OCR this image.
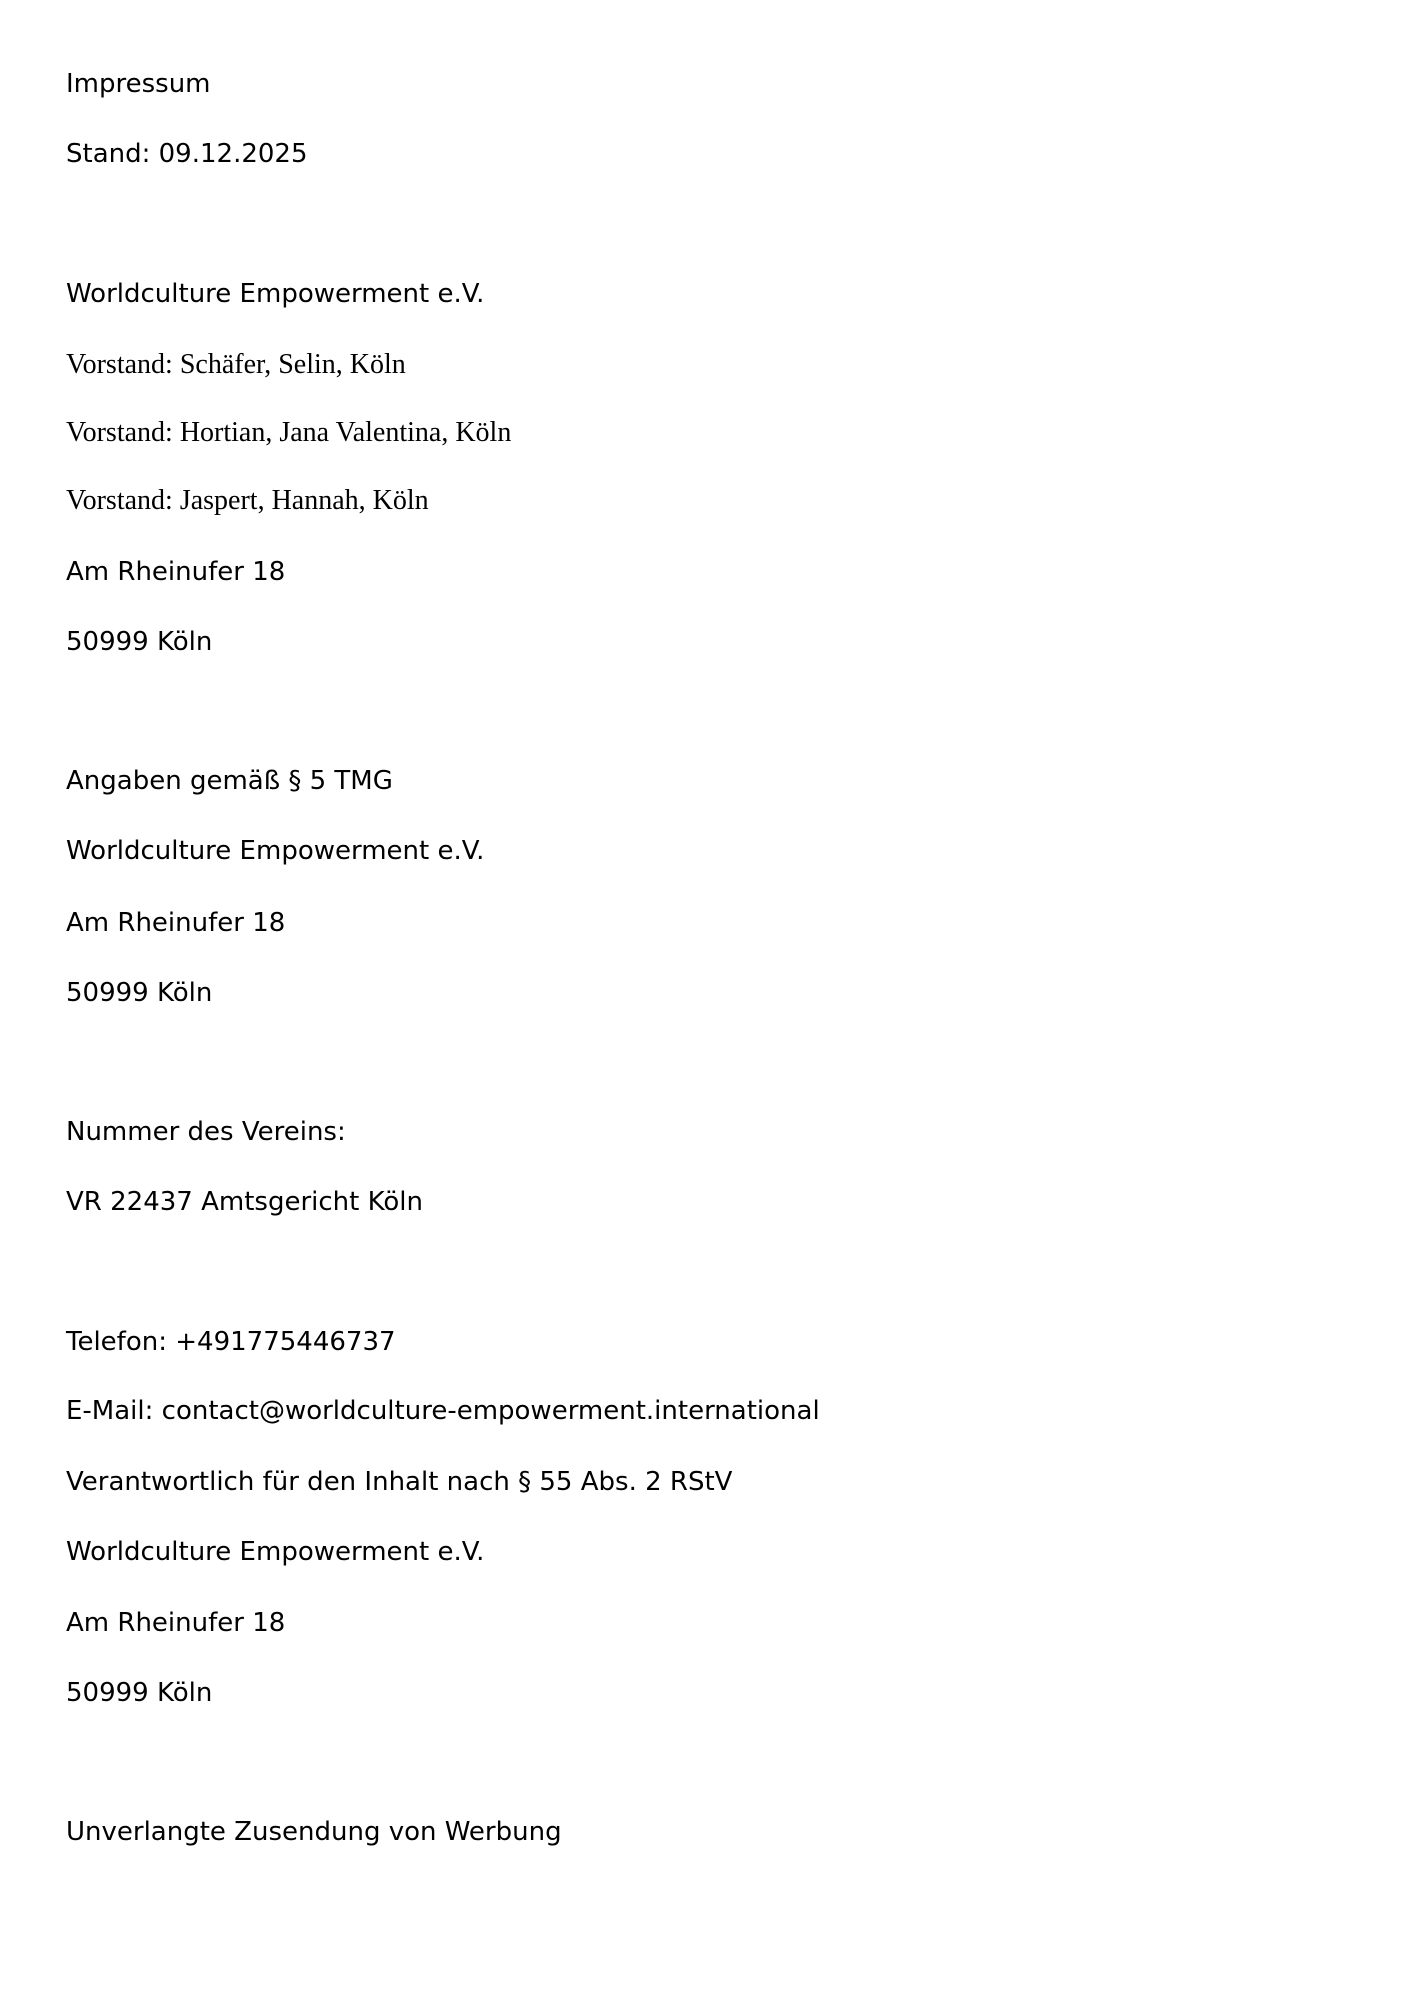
Impressum
Stand: 09.12.2025
Worldculture Empowerment e.V.
Vorstand: Schäfer, Selin, Köln
Vorstand: Hortian, Jana Valentina, Köln
Vorstand: Jaspert, Hannah, Köln
Am Rheinufer 18
50999 Köln
Angaben gemäß § 5 TMG
Worldculture Empowerment e.V.
Am Rheinufer 18
50999 Köln
Nummer des Vereins:
VR 22437 Amtsgericht Köln
Telefon: +491775446737
E-Mail: contact@worldculture-empowerment.international
Verantwortlich für den Inhalt nach § 55 Abs. 2 RStV
Worldculture Empowerment e.V.
Am Rheinufer 18
50999 Köln
Unverlangte Zusendung von Werbung
